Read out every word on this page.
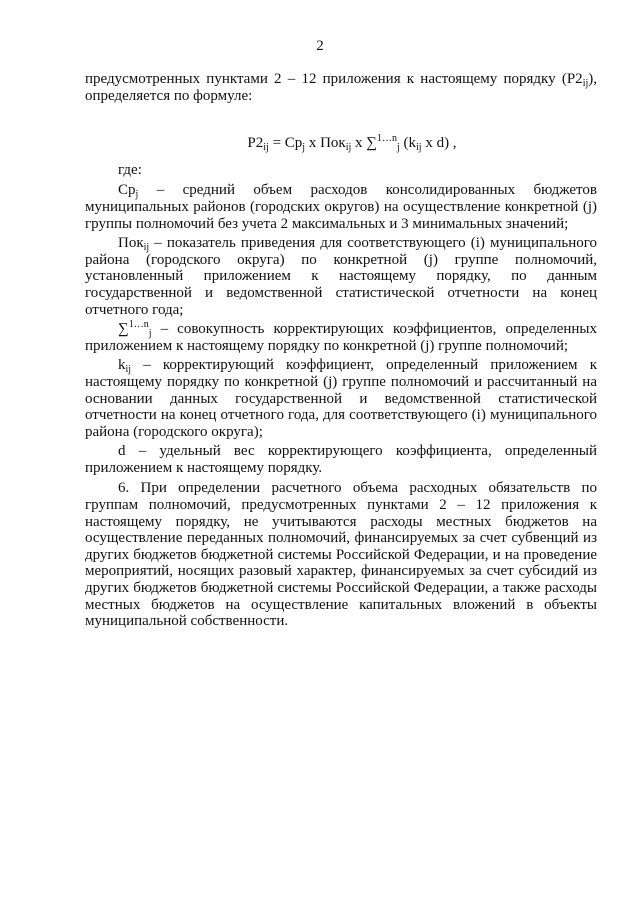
2

предусмотренных пунктами 2 – 12 приложения к настоящему порядку $(P2_{ij})$, определяется по формуле:

$P2_{ij} = Cp_j$ x Пок$_{ij}$ x ∑$^{1\dots n}_j$ ($k_{ij}$ x d) ,

где:

$Cp_j$ – средний объем расходов консолидированных бюджетов муниципальных районов (городских округов) на осуществление конкретной (j) группы полномочий без учета 2 максимальных и 3 минимальных значений;

Пок$_{ij}$ – показатель приведения для соответствующего (i) муниципального района (городского округа) по конкретной (j) группе полномочий, установленный приложением к настоящему порядку, по данным государственной и ведомственной статистической отчетности на конец отчетного года;

∑$^{1\dots n}_j$ – совокупность корректирующих коэффициентов, определенных приложением к настоящему порядку по конкретной (j) группе полномочий;

$k_{ij}$ – корректирующий коэффициент, определенный приложением к настоящему порядку по конкретной (j) группе полномочий и рассчитанный на основании данных государственной и ведомственной статистической отчетности на конец отчетного года, для соответствующего (i) муниципального района (городского округа);

d – удельный вес корректирующего коэффициента, определенный приложением к настоящему порядку.

6. При определении расчетного объема расходных обязательств по группам полномочий, предусмотренных пунктами 2 – 12 приложения к настоящему порядку, не учитываются расходы местных бюджетов на осуществление переданных полномочий, финансируемых за счет субвенций из других бюджетов бюджетной системы Российской Федерации, и на проведение мероприятий, носящих разовый характер, финансируемых за счет субсидий из других бюджетов бюджетной системы Российской Федерации, а также расходы местных бюджетов на осуществление капитальных вложений в объекты муниципальной собственности.
